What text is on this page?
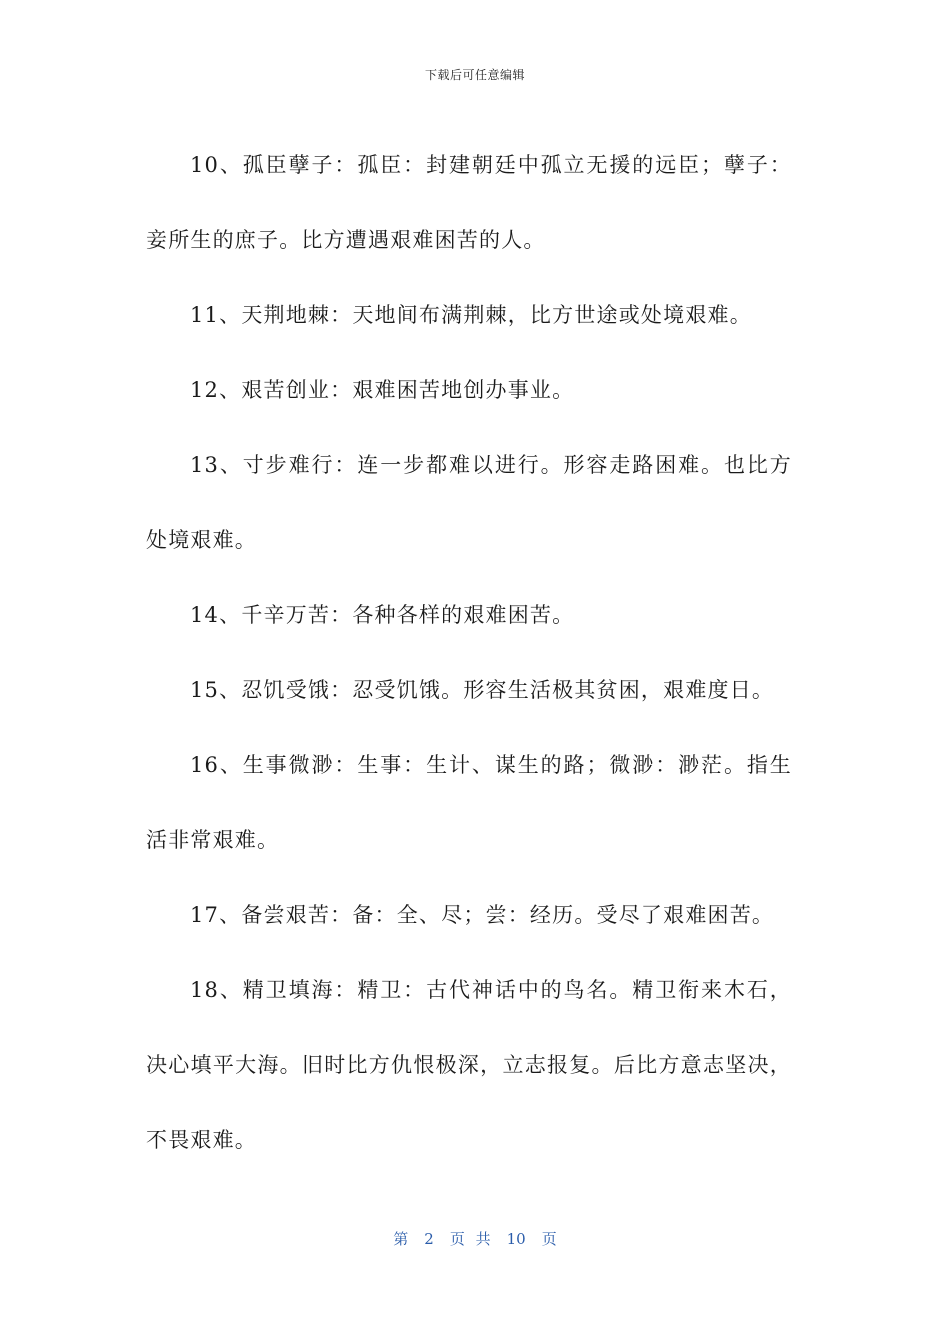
下载后可任意编辑

10、孤臣孽子：孤臣：封建朝廷中孤立无援的远臣；孽子：妾所生的庶子。比方遭遇艰难困苦的人。

11、天荆地棘：天地间布满荆棘，比方世途或处境艰难。

12、艰苦创业：艰难困苦地创办事业。

13、寸步难行：连一步都难以进行。形容走路困难。也比方处境艰难。

14、千辛万苦：各种各样的艰难困苦。

15、忍饥受饿：忍受饥饿。形容生活极其贫困，艰难度日。

16、生事微渺：生事：生计、谋生的路；微渺：渺茫。指生活非常艰难。

17、备尝艰苦：备：全、尽；尝：经历。受尽了艰难困苦。

18、精卫填海：精卫：古代神话中的鸟名。精卫衔来木石，决心填平大海。旧时比方仇恨极深，立志报复。后比方意志坚决，不畏艰难。

第 2 页 共 10 页
